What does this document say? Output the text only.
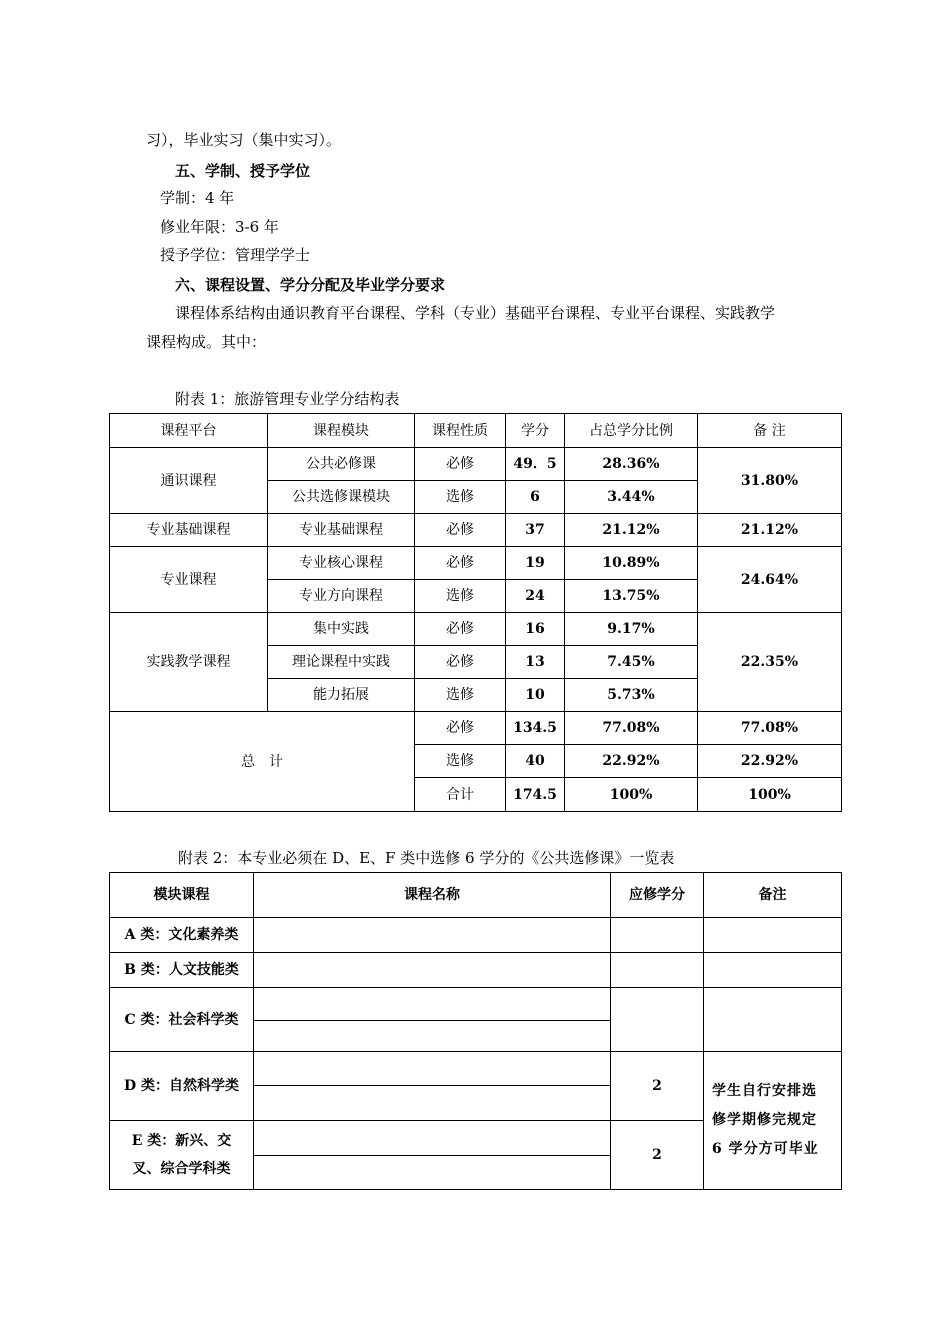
习），毕业实习（集中实习）。
五、学制、授予学位
学制：4 年
修业年限：3-6 年
授予学位：管理学学士
六、课程设置、学分分配及毕业学分要求
课程体系结构由通识教育平台课程、学科（专业）基础平台课程、专业平台课程、实践教学
课程构成。其中：
附表 1：旅游管理专业学分结构表
课程平台	课程模块	课程性质	学分	占总学分比例	备 注
通识课程	公共必修课	必修	49．5	28.36%	31.80%
	公共选修课模块	选修	6	3.44%	
专业基础课程	专业基础课程	必修	37	21.12%	21.12%
专业课程	专业核心课程	必修	19	10.89%	24.64%
	专业方向课程	选修	24	13.75%	
实践教学课程	集中实践	必修	16	9.17%	22.35%
	理论课程中实践	必修	13	7.45%	
	能力拓展	选修	10	5.73%	
总　计		必修	134.5	77.08%	77.08%
		选修	40	22.92%	22.92%
		合计	174.5	100%	100%
附表 2：本专业必须在 D、E、F 类中选修 6 学分的《公共选修课》一览表
模块课程	课程名称	应修学分	备注
A 类：文化素养类			
B 类：人文技能类			
C 类：社会科学类			

D 类：自然科学类		2	学生自行安排选
修学期修完规定
6 学分方可毕业

E 类：新兴、交
叉、综合学科类		2	
